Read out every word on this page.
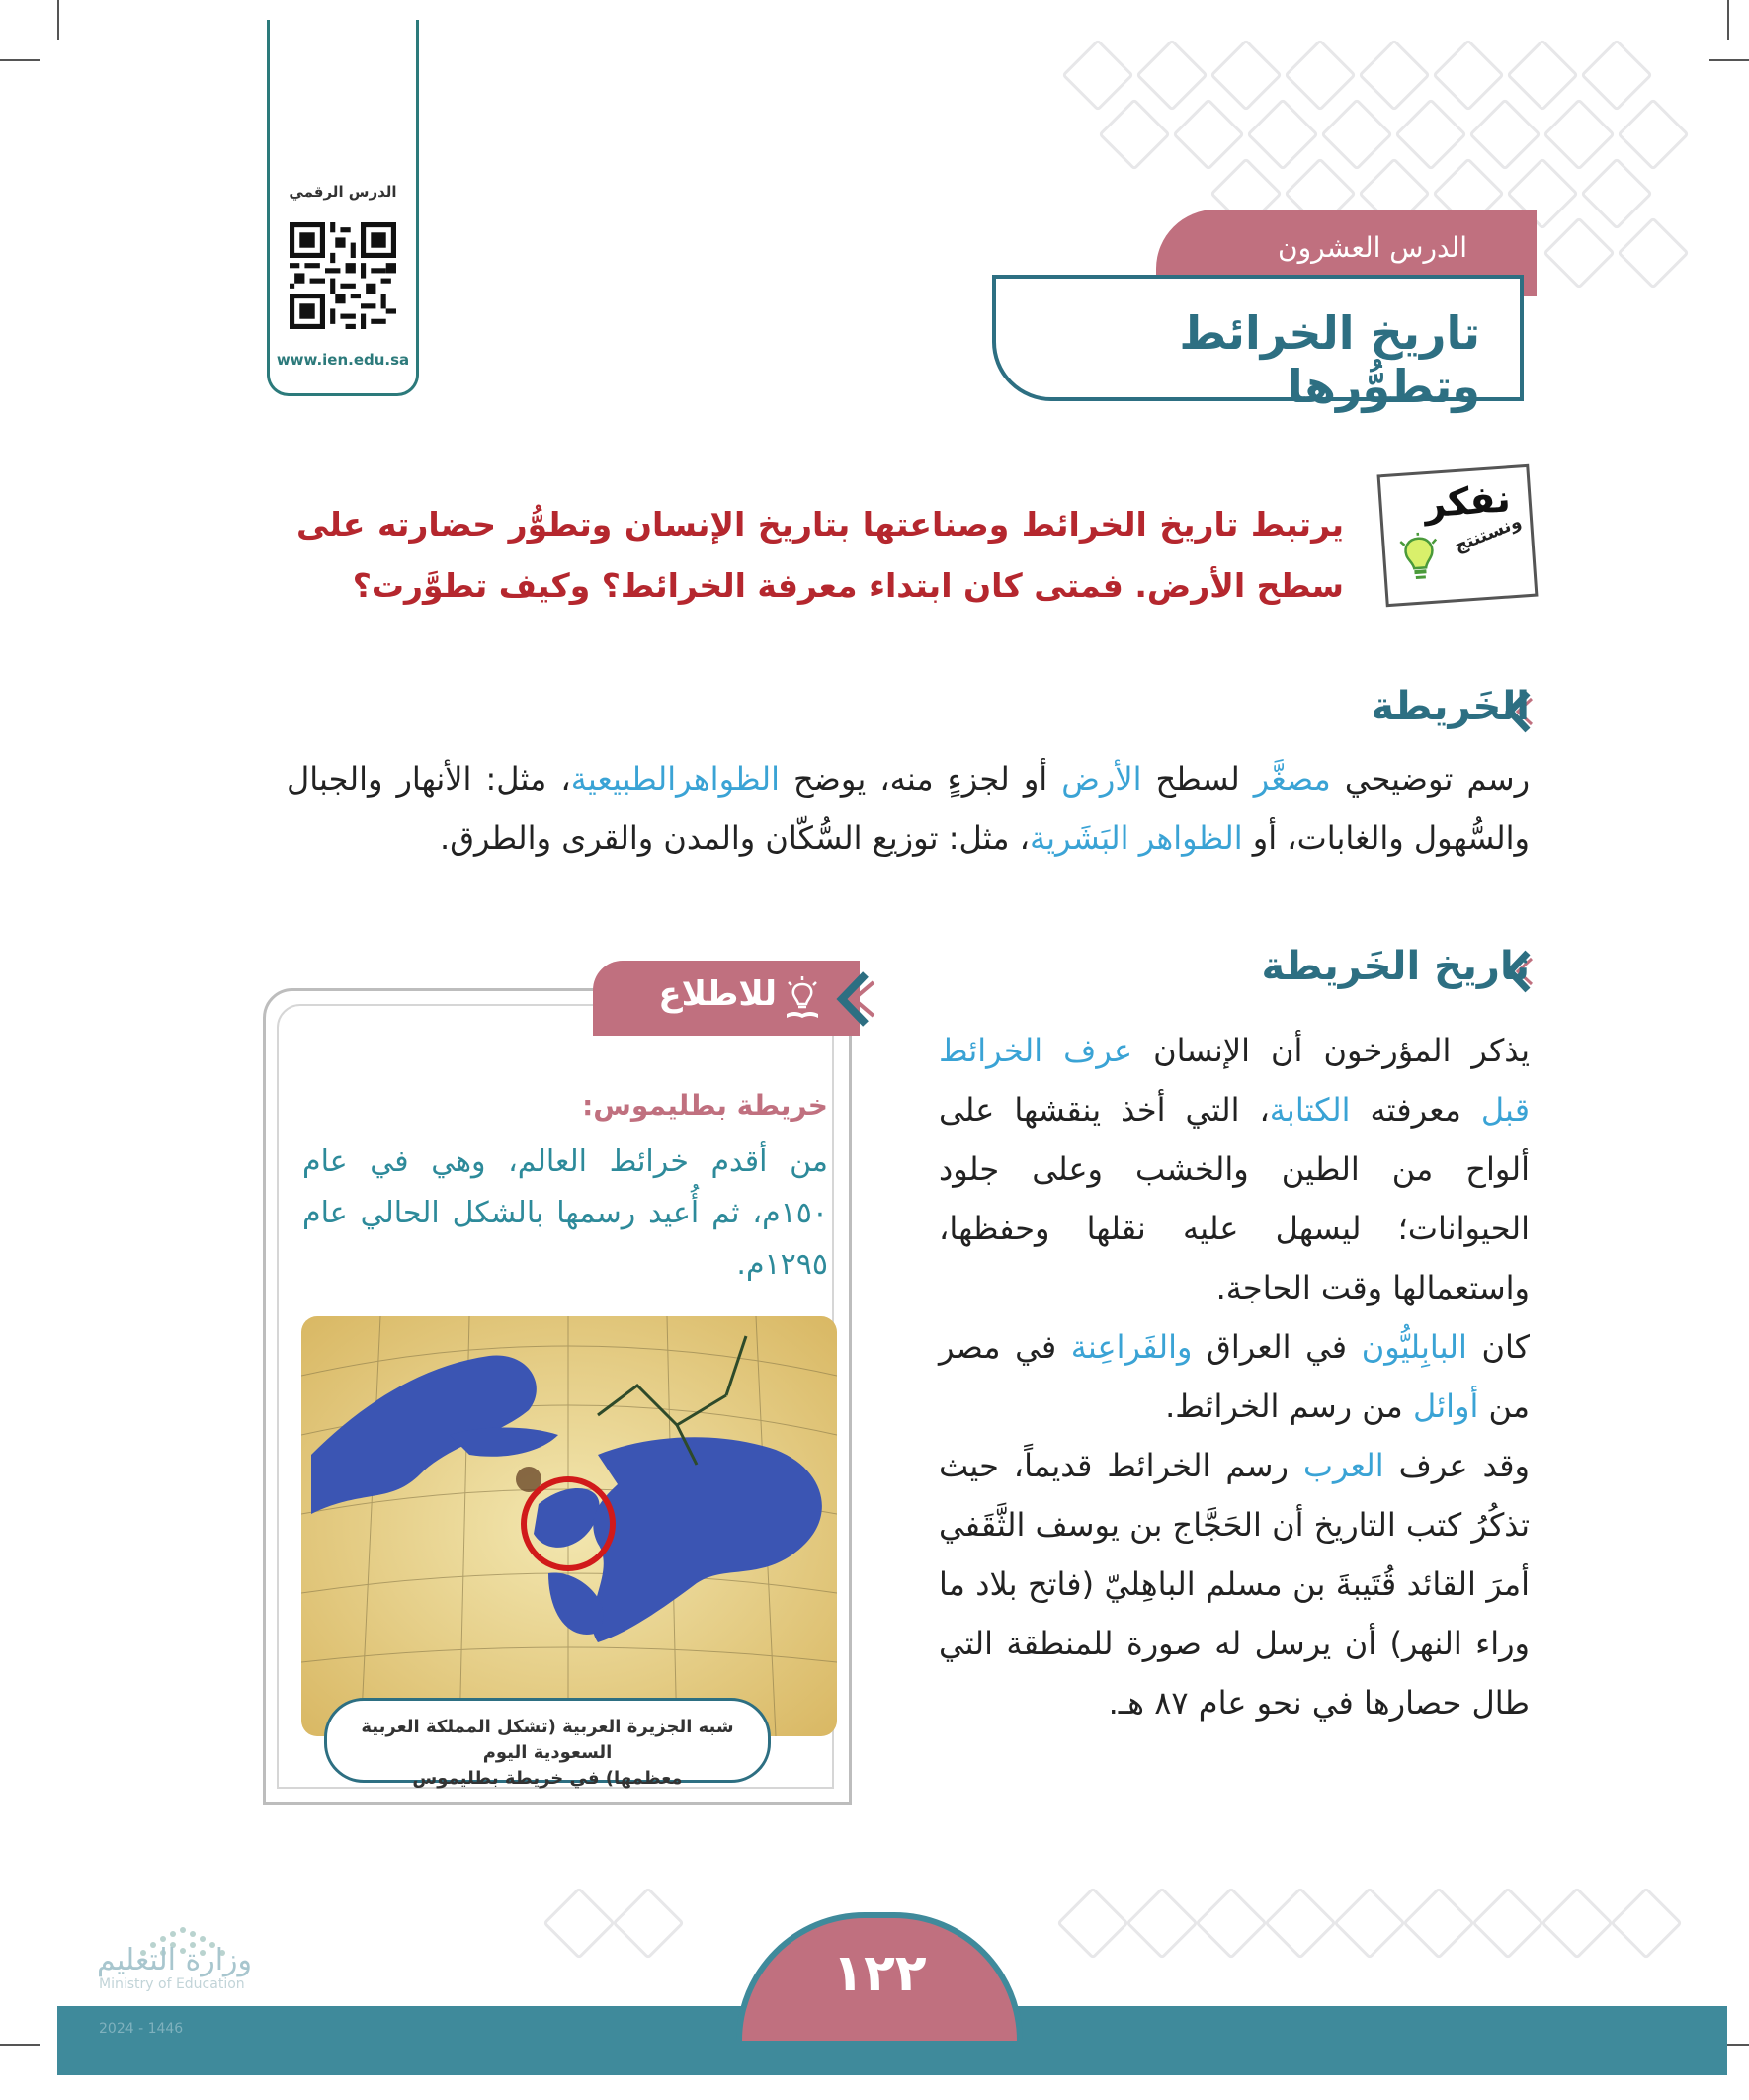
الدرس الرقمي
www.ien.edu.sa
الدرس العشرون
تاريخ الخرائط وتطوُّرها
نفكر
ونستنتج
يرتبط تاريخ الخرائط وصناعتها بتاريخ الإنسان وتطوُّر حضارته على سطح الأرض. فمتى كان ابتداء معرفة الخرائط؟ وكيف تطوَّرت؟
الخَريطة
رسم توضيحي مصغَّر لسطح الأرض أو لجزءٍ منه، يوضح الظواهرالطبيعية، مثل: الأنهار والجبال والسُّهول والغابات، أو الظواهر البَشَرية، مثل: توزيع السُّكّان والمدن والقرى والطرق.
تاريخ الخَريطة
يذكر المؤرخون أن الإنسان عرف الخرائط قبل معرفته الكتابة، التي أخذ ينقشها على ألواح من الطين والخشب وعلى جلود الحيوانات؛ ليسهل عليه نقلها وحفظها، واستعمالها وقت الحاجة.
كان البابِليُّون في العراق والفَراعِنة في مصر من أوائل من رسم الخرائط.
وقد عرف العرب رسم الخرائط قديماً، حيث تذكُرُ كتب التاريخ أن الحَجَّاج بن يوسف الثَّقَفي أمرَ القائد قُتَيبةَ بن مسلم الباهِليّ (فاتح بلاد ما وراء النهر) أن يرسل له صورة للمنطقة التي طال حصارها في نحو عام ٨٧ هـ.
للاطلاع
خريطة بطليموس:
من أقدم خرائط العالم، وهي في عام ١٥٠م، ثم أُعيد رسمها بالشكل الحالي عام ١٢٩٥م.
شبه الجزيرة العربية (تشكل المملكة العربية السعودية اليوم
معظمها) في خريطة بطليموس
١٢٢
وزارة التعليم
Ministry of Education
2024 - 1446
